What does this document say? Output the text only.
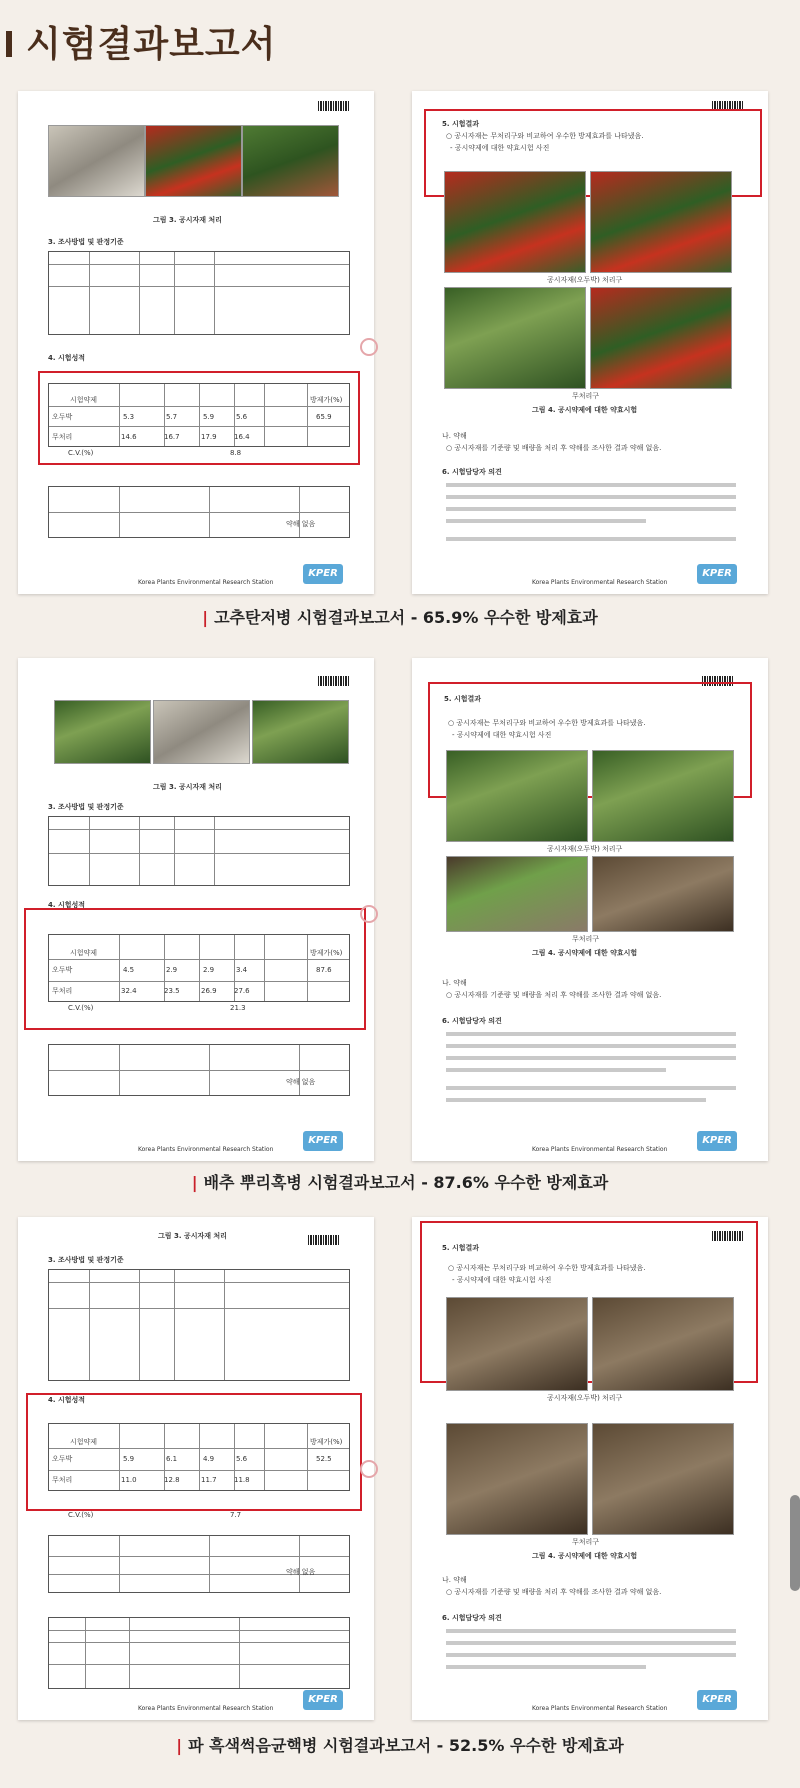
시험결과보고서
그림 3. 공시자재 처리
3. 조사방법 및 판정기준
4. 시험성적
시험약제	방제가(%)
오두박	5.3	5.7	5.9	5.6	65.9
무처리	14.6	16.7	17.9 16.4
C.V.(%)	8.8
약해 없음
Korea Plants Environmental Research Station
KPER
5. 시험결과
○ 공시자재는 무처리구와 비교하여 우수한 방제효과를 나타냈음.
- 공시약제에 대한 약효시험 사진
공시자재(오두박) 처리구
무처리구
그림 4. 공시약제에 대한 약효시험
나. 약해
○ 공시자재를 기준량 및 배량을 처리 후 약해를 조사한 결과 약해 없음.
6. 시험담당자 의견
Korea Plants Environmental Research Station
KPER
| 고추탄저병 시험결과보고서 - 65.9% 우수한 방제효과
그림 3. 공시자재 처리
3. 조사방법 및 판정기준
4. 시험성적
시험약제	방제가(%)
오두박	4.5	2.9	2.9	3.4	87.6
무처리	32.4	23.5	26.9 27.6
C.V.(%)	21.3
약해 없음
Korea Plants Environmental Research Station
KPER
5. 시험결과
○ 공시자재는 무처리구와 비교하여 우수한 방제효과를 나타냈음.
- 공시약제에 대한 약효시험 사진
공시자재(오두박) 처리구
무처리구
그림 4. 공시약제에 대한 약효시험
나. 약해
○ 공시자재를 기준량 및 배량을 처리 후 약해를 조사한 결과 약해 없음.
6. 시험담당자 의견
Korea Plants Environmental Research Station
KPER
| 배추 뿌리혹병 시험결과보고서 - 87.6% 우수한 방제효과
그림 3. 공시자재 처리
3. 조사방법 및 판정기준
4. 시험성적
시험약제	방제가(%)
오두박	5.9	6.1	4.9	5.6	52.5
무처리	11.0	12.8	11.7 11.8
C.V.(%)	7.7
약해 없음
Korea Plants Environmental Research Station
KPER
5. 시험결과
○ 공시자재는 무처리구와 비교하여 우수한 방제효과를 나타냈음.
- 공시약제에 대한 약효시험 사진
공시자재(오두박) 처리구
무처리구
그림 4. 공시약제에 대한 약효시험
나. 약해
○ 공시자재를 기준량 및 배량을 처리 후 약해를 조사한 결과 약해 없음.
6. 시험담당자 의견
Korea Plants Environmental Research Station
KPER
| 파 흑색썩음균핵병 시험결과보고서 - 52.5% 우수한 방제효과
